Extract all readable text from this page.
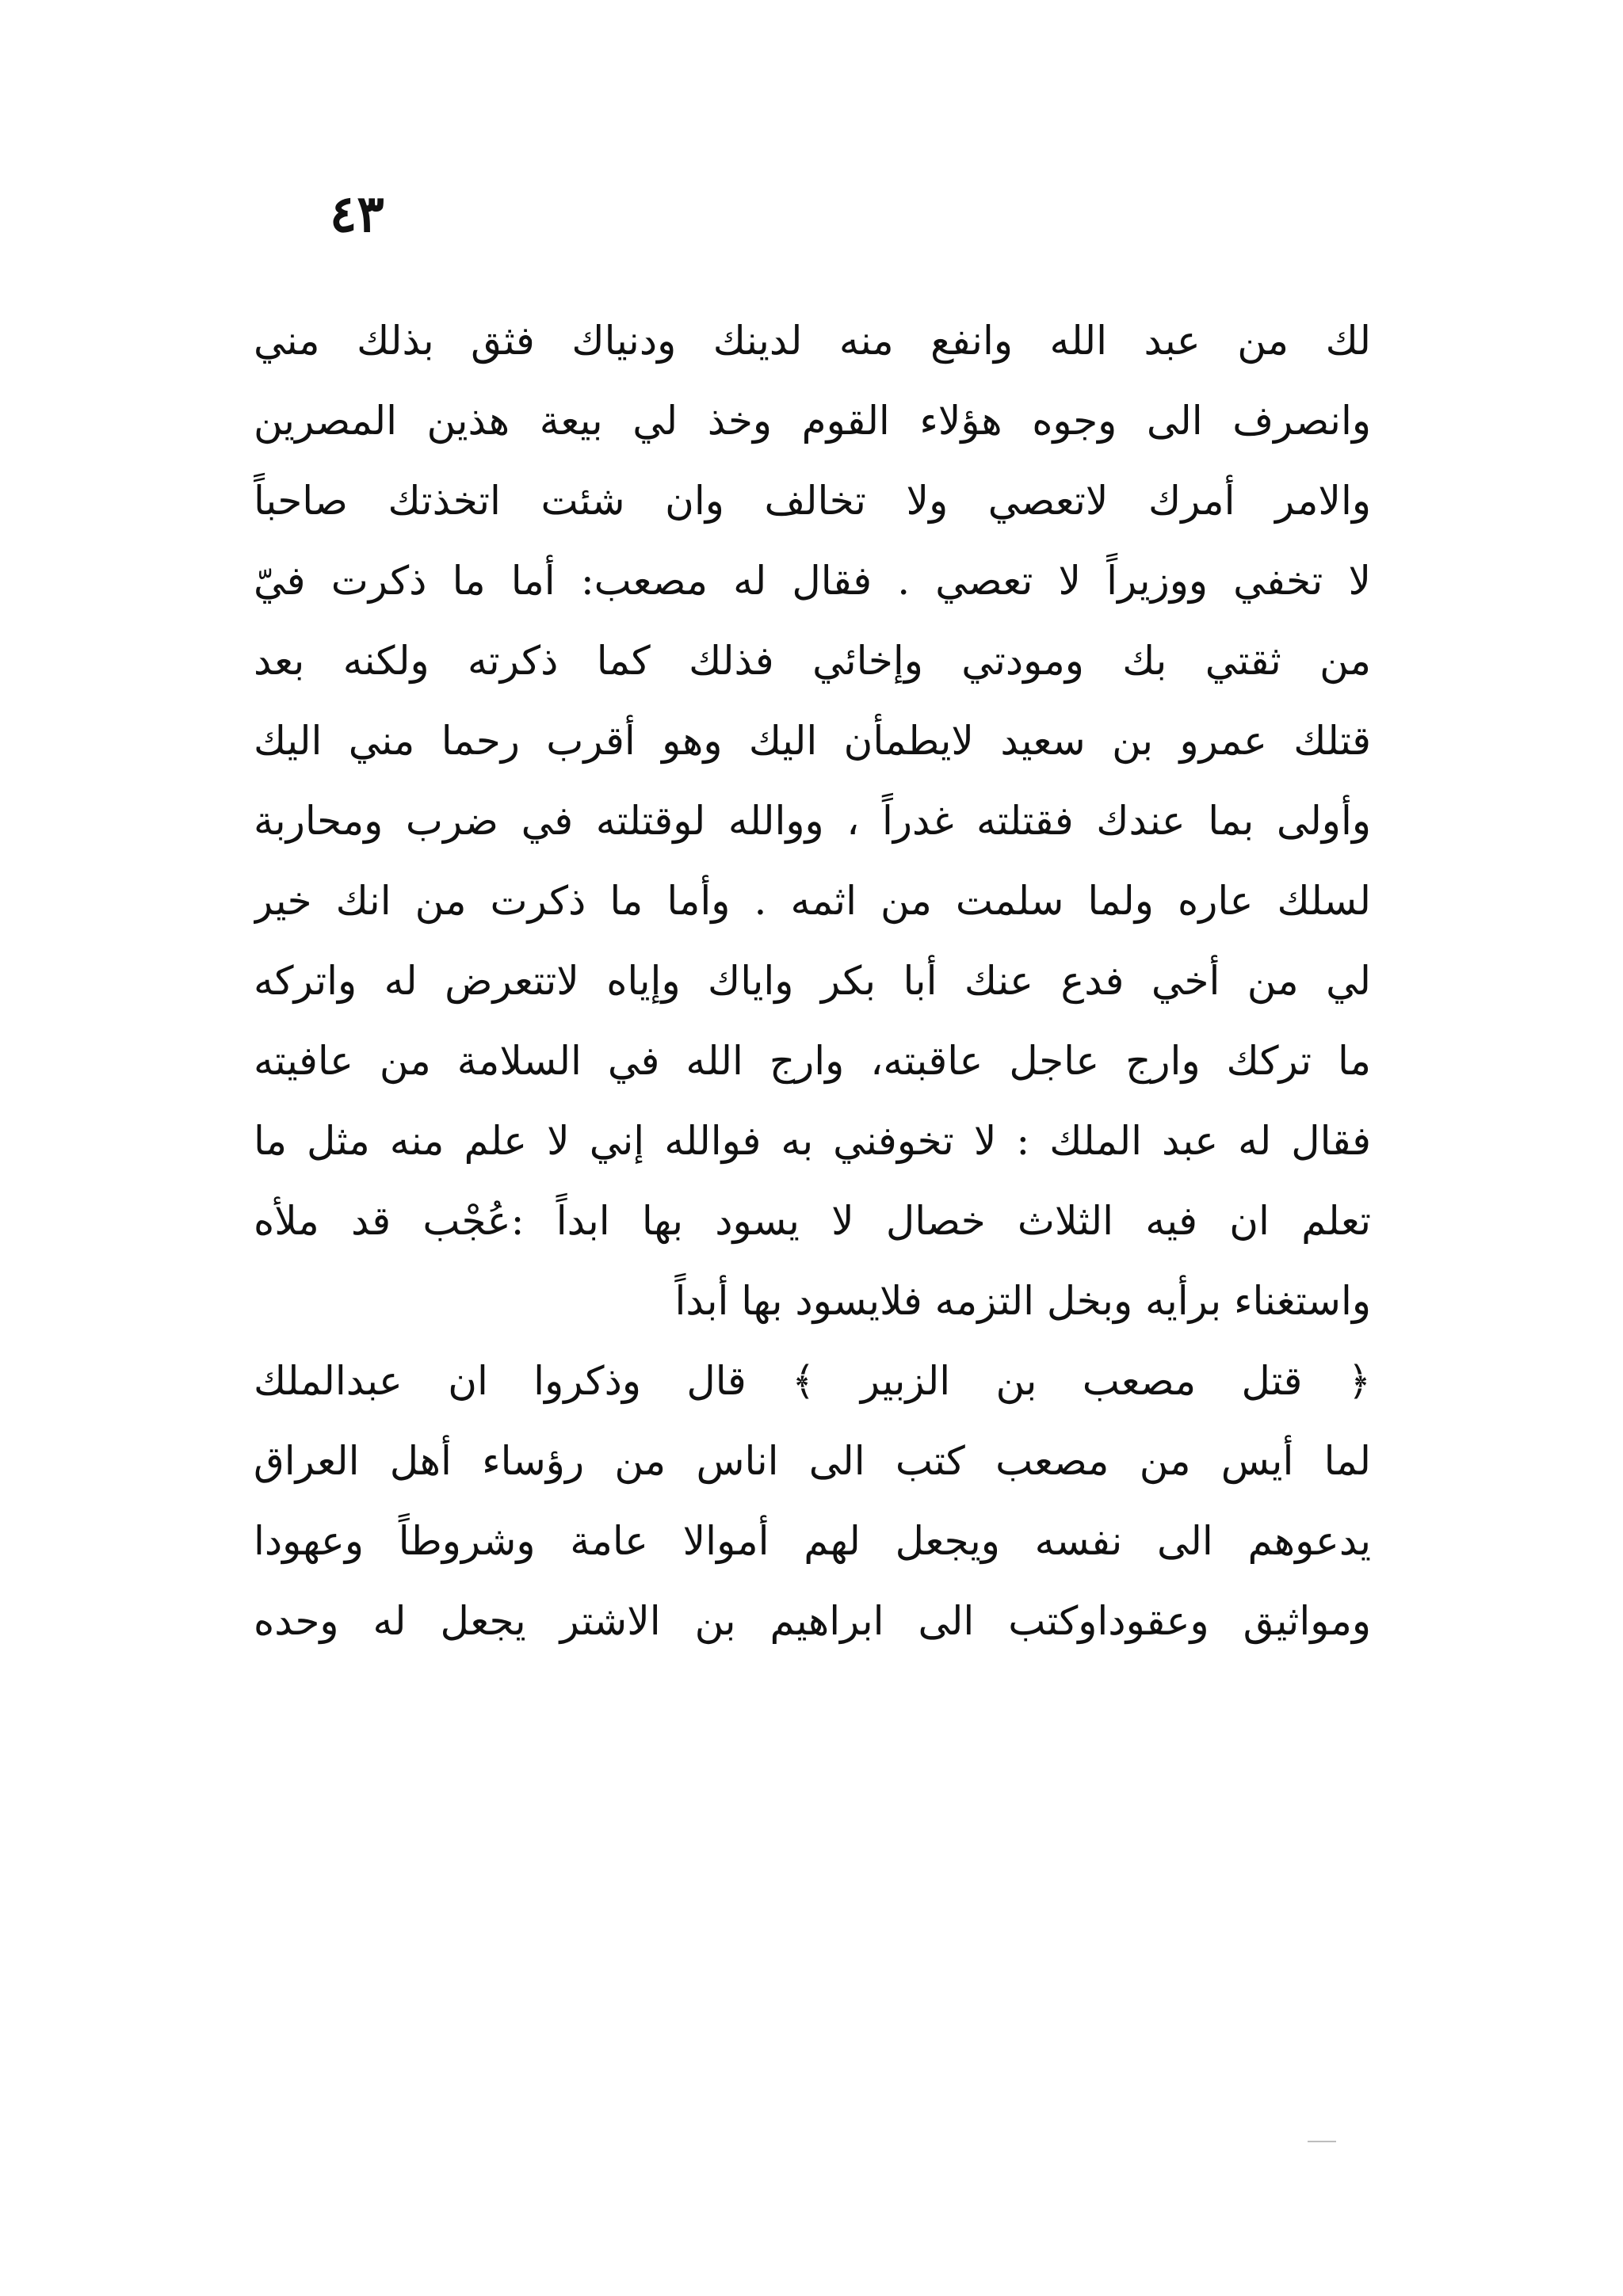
٤٣
لك من عبد الله وانفع منه لدينك ودنياك فثق بذلك مني
وانصرف الى وجوه هؤلاء القوم وخذ لي بيعة هذين المصرين
والامر أمرك لاتعصي ولا تخالف وان شئت اتخذتك صاحباً
لا تخفي ووزيراً لا تعصي . فقال له مصعب: أما ما ذكرت فيّ
من ثقتي بك ومودتي وإخائي فذلك كما ذكرته ولكنه بعد
قتلك عمرو بن سعيد لايطمأن اليك وهو أقرب رحما مني اليك
وأولى بما عندك فقتلته غدراً ، ووالله لوقتلته في ضرب ومحاربة
لسلك عاره ولما سلمت من اثمه . وأما ما ذكرت من انك خير
لي من أخي فدع عنك أبا بكر واياك وإياه لاتتعرض له واتركه
ما تركك وارج عاجل عاقبته، وارج الله في السلامة من عافيته
فقال له عبد الملك : لا تخوفني به فوالله إني لا علم منه مثل ما
تعلم ان فيه الثلاث خصال لا يسود بها ابداً :عُجْب قد ملأه
واستغناء برأيه وبخل التزمه فلايسود بها أبداً
﴿ قتل مصعب بن الزبير ﴾ قال وذكروا ان عبدالملك
لما أيس من مصعب كتب الى اناس من رؤساء أهل العراق
يدعوهم الى نفسه ويجعل لهم أموالا عامة وشروطاً وعهودا
ومواثيق وعقوداوكتب الى ابراهيم بن الاشتر يجعل له وحده
